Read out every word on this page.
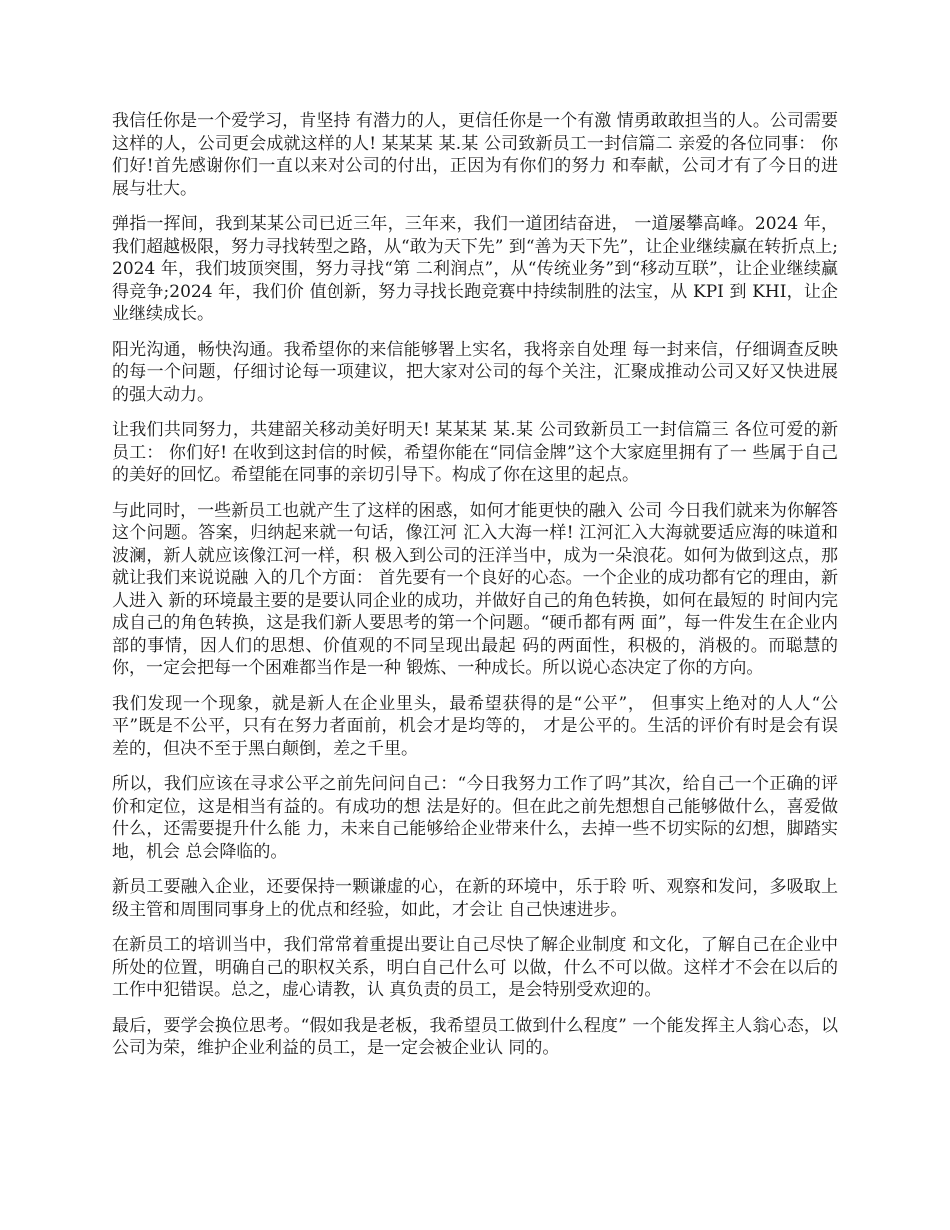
我信任你是一个爱学习，肯坚持 有潜力的人，更信任你是一个有激 情勇敢敢担当的人。公司需要这样的人，公司更会成就这样的人! 某某某 某.某 公司致新员工一封信篇二 亲爱的各位同事： 你们好!首先感谢你们一直以来对公司的付出，正因为有你们的努力 和奉献，公司才有了今日的进展与壮大。

弹指一挥间，我到某某公司已近三年，三年来，我们一道团结奋进， 一道屡攀高峰。2024 年，我们超越极限，努力寻找转型之路，从“敢为天下先” 到“善为天下先”，让企业继续赢在转折点上;2024 年，我们坡顶突围，努力寻找“第 二利润点”，从“传统业务”到“移动互联”，让企业继续赢得竞争;2024 年，我们价 值创新，努力寻找长跑竞赛中持续制胜的法宝，从 KPI 到 KHI，让企业继续成长。

阳光沟通，畅快沟通。我希望你的来信能够署上实名，我将亲自处理 每一封来信，仔细调查反映的每一个问题，仔细讨论每一项建议，把大家对公司的每个关注，汇聚成推动公司又好又快进展的强大动力。

让我们共同努力，共建韶关移动美好明天! 某某某 某.某 公司致新员工一封信篇三 各位可爱的新员工： 你们好! 在收到这封信的时候，希望你能在“同信金牌”这个大家庭里拥有了一 些属于自己的美好的回忆。希望能在同事的亲切引导下。构成了你在这里的起点。

与此同时，一些新员工也就产生了这样的困惑，如何才能更快的融入 公司 今日我们就来为你解答这个问题。答案，归纳起来就一句话，像江河 汇入大海一样! 江河汇入大海就要适应海的味道和波澜，新人就应该像江河一样，积 极入到公司的汪洋当中，成为一朵浪花。如何为做到这点，那就让我们来说说融 入的几个方面： 首先要有一个良好的心态。一个企业的成功都有它的理由，新人进入 新的环境最主要的是要认同企业的成功，并做好自己的角色转换，如何在最短的 时间内完成自己的角色转换，这是我们新人要思考的第一个问题。“硬币都有两 面”，每一件发生在企业内部的事情，因人们的思想、价值观的不同呈现出最起 码的两面性，积极的，消极的。而聪慧的你，一定会把每一个困难都当作是一种 锻炼、一种成长。所以说心态决定了你的方向。

我们发现一个现象，就是新人在企业里头，最希望获得的是“公平”， 但事实上绝对的人人“公平”既是不公平，只有在努力者面前，机会才是均等的， 才是公平的。生活的评价有时是会有误差的，但决不至于黑白颠倒，差之千里。

所以，我们应该在寻求公平之前先问问自己：“今日我努力工作了吗”其次，给自己一个正确的评价和定位，这是相当有益的。有成功的想 法是好的。但在此之前先想想自己能够做什么，喜爱做什么，还需要提升什么能 力，未来自己能够给企业带来什么，去掉一些不切实际的幻想，脚踏实地，机会 总会降临的。

新员工要融入企业，还要保持一颗谦虚的心，在新的环境中，乐于聆 听、观察和发问，多吸取上级主管和周围同事身上的优点和经验，如此，才会让 自己快速进步。

在新员工的培训当中，我们常常着重提出要让自己尽快了解企业制度 和文化，了解自己在企业中所处的位置，明确自己的职权关系，明白自己什么可 以做，什么不可以做。这样才不会在以后的工作中犯错误。总之，虚心请教，认 真负责的员工，是会特别受欢迎的。

最后，要学会换位思考。“假如我是老板，我希望员工做到什么程度” 一个能发挥主人翁心态，以公司为荣，维护企业利益的员工，是一定会被企业认 同的。
